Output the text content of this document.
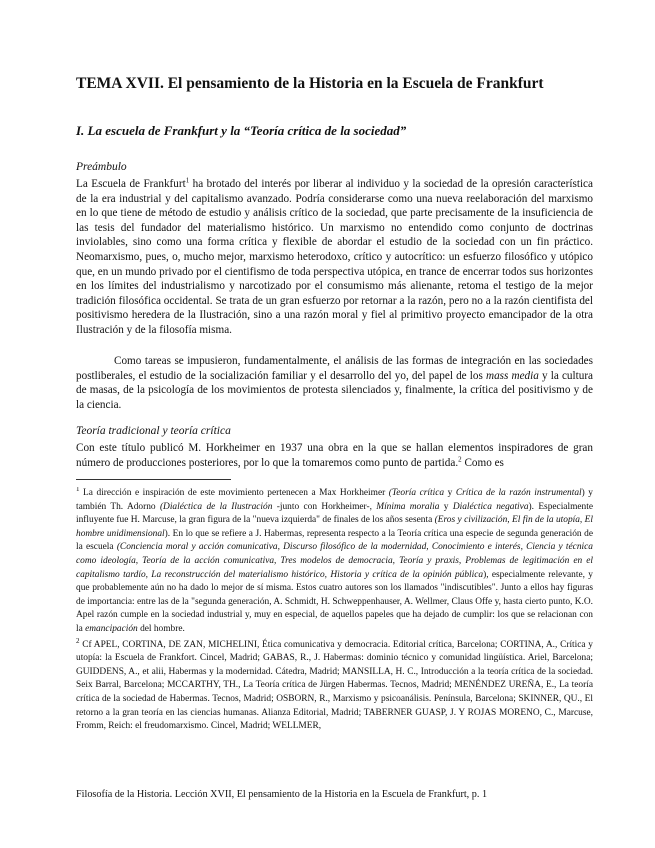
TEMA XVII. El pensamiento de la Historia en la Escuela de Frankfurt
I. La escuela de Frankfurt y la “Teoría crítica de la sociedad”
Preámbulo

La Escuela de Frankfurt$^1$ ha brotado del interés por liberar al individuo y la sociedad de la opresión característica de la era industrial y del capitalismo avanzado. Podría considerarse como una nueva reelaboración del marxismo en lo que tiene de método de estudio y análisis crítico de la sociedad, que parte precisamente de la insuficiencia de las tesis del fundador del materialismo histórico. Un marxismo no entendido como conjunto de doctrinas inviolables, sino como una forma crítica y flexible de abordar el estudio de la sociedad con un fin práctico. Neomarxismo, pues, o, mucho mejor, marxismo heterodoxo, crítico y autocrítico: un esfuerzo filosófico y utópico que, en un mundo privado por el cientifismo de toda perspectiva utópica, en trance de encerrar todos sus horizontes en los límites del industrialismo y narcotizado por el consumismo más alienante, retoma el testigo de la mejor tradición filosófica occidental. Se trata de un gran esfuerzo por retornar a la razón, pero no a la razón cientifista del positivismo heredera de la Ilustración, sino a una razón moral y fiel al primitivo proyecto emancipador de la otra Ilustración y de la filosofía misma.

Como tareas se impusieron, fundamentalmente, el análisis de las formas de integración en las sociedades postliberales, el estudio de la socialización familiar y el desarrollo del yo, del papel de los mass media y la cultura de masas, de la psicología de los movimientos de protesta silenciados y, finalmente, la crítica del positivismo y de la ciencia.

Teoría tradicional y teoría crítica

Con este título publicó M. Horkheimer en 1937 una obra en la que se hallan elementos inspiradores de gran número de producciones posteriores, por lo que la tomaremos como punto de partida.$^2$ Como es

$^1$ La dirección e inspiración de este movimiento pertenecen a Max Horkheimer (Teoría crítica y Crítica de la razón instrumental) y también Th. Adorno (Dialéctica de la Ilustración -junto con Horkheimer-, Mínima moralia y Dialéctica negativa). Especialmente influyente fue H. Marcuse, la gran figura de la "nueva izquierda" de finales de los años sesenta (Eros y civilización, El fin de la utopía, El hombre unidimensional). En lo que se refiere a J. Habermas, representa respecto a la Teoría crítica una especie de segunda generación de la escuela (Conciencia moral y acción comunicativa, Discurso filosófico de la modernidad, Conocimiento e interés, Ciencia y técnica como ideología, Teoría de la acción comunicativa, Tres modelos de democracia, Teoría y praxis, Problemas de legitimación en el capitalismo tardío, La reconstrucción del materialismo histórico, Historia y crítica de la opinión pública), especialmente relevante, y que probablemente aún no ha dado lo mejor de sí misma. Estos cuatro autores son los llamados "indiscutibles". Junto a ellos hay figuras de importancia: entre las de la "segunda generación, A. Schmidt, H. Schweppenhauser, A. Wellmer, Claus Offe y, hasta cierto punto, K.O. Apel razón cumple en la sociedad industrial y, muy en especial, de aquellos papeles que ha dejado de cumplir: los que se relacionan con la emancipación del hombre.

$^2$ Cf APEL, CORTINA, DE ZAN, MICHELINI, Ética comunicativa y democracia. Editorial crítica, Barcelona; CORTINA, A., Crítica y utopía: la Escuela de Frankfort. Cincel, Madrid; GABAS, R., J. Habermas: dominio técnico y comunidad lingüística. Ariel, Barcelona; GUIDDENS, A., et alii, Habermas y la modernidad. Cátedra, Madrid; MANSILLA, H. C., Introducción a la teoría crítica de la sociedad. Seix Barral, Barcelona; MCCARTHY, TH., La Teoría crítica de Jürgen Habermas. Tecnos, Madrid; MENÉNDEZ UREÑA, E., La teoría crítica de la sociedad de Habermas. Tecnos, Madrid; OSBORN, R., Marxismo y psicoanálisis. Península, Barcelona; SKINNER, QU., El retorno a la gran teoría en las ciencias humanas. Alianza Editorial, Madrid; TABERNER GUASP, J. Y ROJAS MORENO, C., Marcuse, Fromm, Reich: el freudomarxismo. Cincel, Madrid; WELLMER,

Filosofía de la Historia. Lección XVII, El pensamiento de la Historia en la Escuela de Frankfurt, p. 1
